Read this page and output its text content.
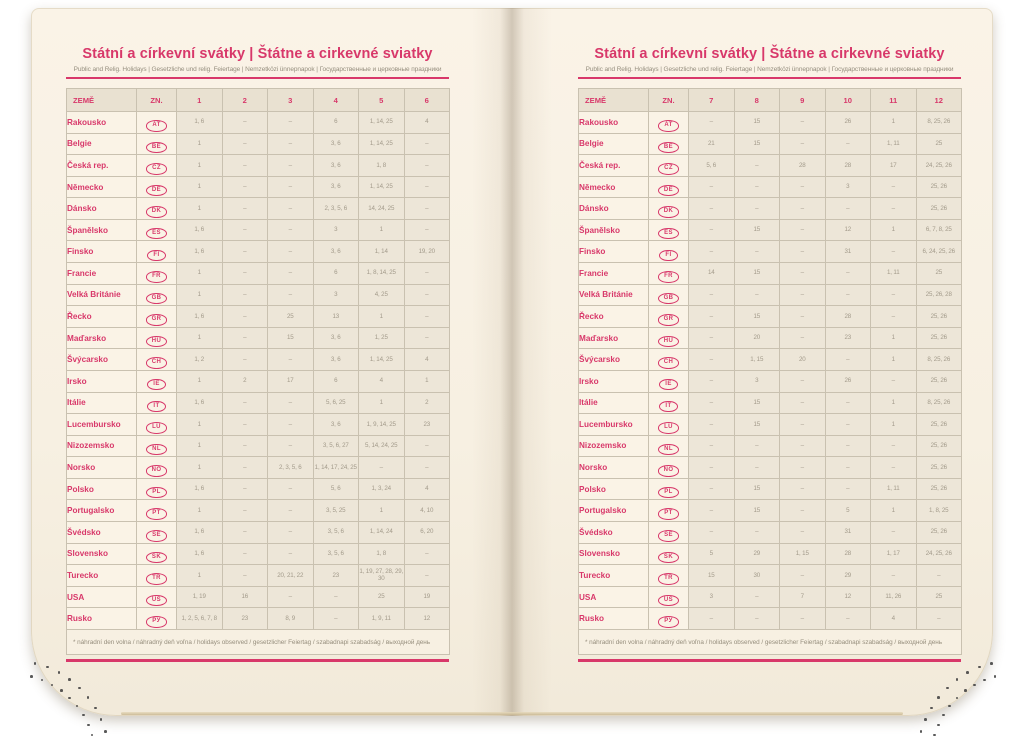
Státní a církevní svátky | Štátne a cirkevné sviatky
Public and Relig. Holidays | Gesetzliche und relig. Feiertage | Nemzetközi ünnepnapok | Государственные и церковные праздники
Státní a církevní svátky | Štátne a cirkevné sviatky
Public and Relig. Holidays | Gesetzliche und relig. Feiertage | Nemzetközi ünnepnapok | Государственные и церковные праздники
ZEMĚ	ZN.	1	2	3	4	5	6
Rakousko	AT	1, 6	–	–	6	1, 14, 25	4
Belgie	BE	1	–	–	3, 6	1, 14, 25	–
Česká rep.	CZ	1	–	–	3, 6	1, 8	–
Německo	DE	1	–	–	3, 6	1, 14, 25	–
Dánsko	DK	1	–	–	2, 3, 5, 6	14, 24, 25	–
Španělsko	ES	1, 6	–	–	3	1	–
Finsko	FI	1, 6	–	–	3, 6	1, 14	19, 20
Francie	FR	1	–	–	6	1, 8, 14, 25	–
Velká Británie	GB	1	–	–	3	4, 25	–
Řecko	GR	1, 6	–	25	13	1	–
Maďarsko	HU	1	–	15	3, 6	1, 25	–
Švýcarsko	CH	1, 2	–	–	3, 6	1, 14, 25	4
Irsko	IE	1	2	17	6	4	1
Itálie	IT	1, 6	–	–	5, 6, 25	1	2
Lucembursko	LU	1	–	–	3, 6	1, 9, 14, 25	23
Nizozemsko	NL	1	–	–	3, 5, 6, 27	5, 14, 24, 25	–
Norsko	NO	1	–	2, 3, 5, 6	1, 14, 17, 24, 25	–	–
Polsko	PL	1, 6	–	–	5, 6	1, 3, 24	4
Portugalsko	PT	1	–	–	3, 5, 25	1	4, 10
Švédsko	SE	1, 6	–	–	3, 5, 6	1, 14, 24	6, 20
Slovensko	SK	1, 6	–	–	3, 5, 6	1, 8	–
Turecko	TR	1	–	20, 21, 22	23	1, 19, 27, 28, 29, 30	–
USA	US	1, 19	16	–	–	25	19
Rusko	РУ	1, 2, 5, 6, 7, 8	23	8, 9	–	1, 9, 11	12
* náhradní den volna / náhradný deň voľna / holidays observed / gesetzlicher Feiertag / szabadnapi szabadság / выходной день							
ZEMĚ	ZN.	7	8	9	10	11	12
Rakousko	AT	–	15	–	26	1	8, 25, 26
Belgie	BE	21	15	–	–	1, 11	25
Česká rep.	CZ	5, 6	–	28	28	17	24, 25, 26
Německo	DE	–	–	–	3	–	25, 26
Dánsko	DK	–	–	–	–	–	25, 26
Španělsko	ES	–	15	–	12	1	6, 7, 8, 25
Finsko	FI	–	–	–	31	–	6, 24, 25, 26
Francie	FR	14	15	–	–	1, 11	25
Velká Británie	GB	–	–	–	–	–	25, 26, 28
Řecko	GR	–	15	–	28	–	25, 26
Maďarsko	HU	–	20	–	23	1	25, 26
Švýcarsko	CH	–	1, 15	20	–	1	8, 25, 26
Irsko	IE	–	3	–	26	–	25, 26
Itálie	IT	–	15	–	–	1	8, 25, 26
Lucembursko	LU	–	15	–	–	1	25, 26
Nizozemsko	NL	–	–	–	–	–	25, 26
Norsko	NO	–	–	–	–	–	25, 26
Polsko	PL	–	15	–	–	1, 11	25, 26
Portugalsko	PT	–	15	–	5	1	1, 8, 25
Švédsko	SE	–	–	–	31	–	25, 26
Slovensko	SK	5	29	1, 15	28	1, 17	24, 25, 26
Turecko	TR	15	30	–	29	–	–
USA	US	3	–	7	12	11, 26	25
Rusko	РУ	–	–	–	–	4	–
* náhradní den volna / náhradný deň voľna / holidays observed / gesetzlicher Feiertag / szabadnapi szabadság / выходной день							
